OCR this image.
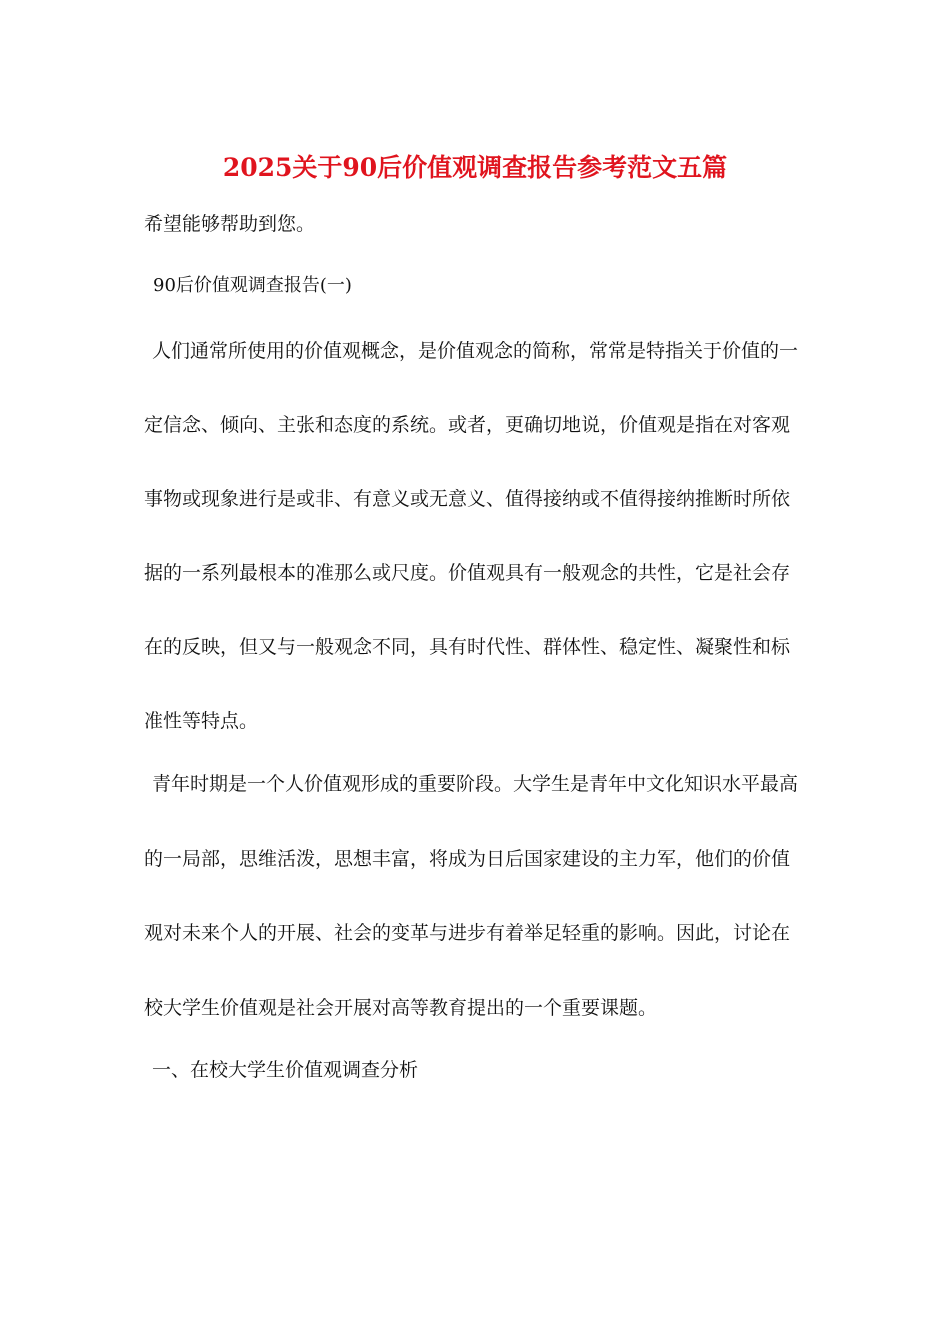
2025关于90后价值观调查报告参考范文五篇

希望能够帮助到您。

90后价值观调查报告(一)

人们通常所使用的价值观概念，是价值观念的简称，常常是特指关于价值的一

定信念、倾向、主张和态度的系统。或者，更确切地说，价值观是指在对客观

事物或现象进行是或非、有意义或无意义、值得接纳或不值得接纳推断时所依

据的一系列最根本的准那么或尺度。价值观具有一般观念的共性，它是社会存

在的反映，但又与一般观念不同，具有时代性、群体性、稳定性、凝聚性和标

准性等特点。

青年时期是一个人价值观形成的重要阶段。大学生是青年中文化知识水平最高

的一局部，思维活泼，思想丰富，将成为日后国家建设的主力军，他们的价值

观对未来个人的开展、社会的变革与进步有着举足轻重的影响。因此，讨论在

校大学生价值观是社会开展对高等教育提出的一个重要课题。

一、在校大学生价值观调查分析
